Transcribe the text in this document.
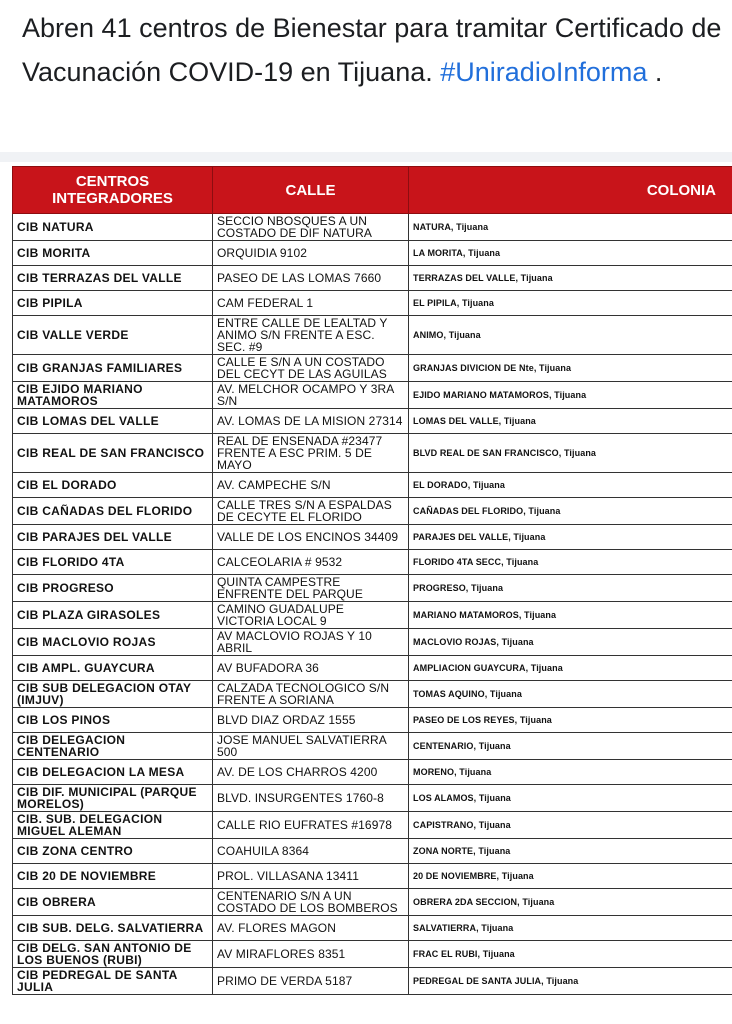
Abren 41 centros de Bienestar para tramitar Certificado de Vacunación COVID-19 en Tijuana. #UniradioInforma .
CENTROS INTEGRADORES	CALLE	COLONIA
CIB NATURA	SECCIO NBOSQUES A UN COSTADO DE DIF NATURA	NATURA, Tijuana
CIB MORITA	ORQUIDIA 9102	LA MORITA, Tijuana
CIB TERRAZAS DEL VALLE	PASEO DE LAS LOMAS 7660	TERRAZAS DEL VALLE, Tijuana
CIB PIPILA	CAM FEDERAL 1	EL PIPILA, Tijuana
CIB VALLE VERDE	ENTRE CALLE DE LEALTAD Y ANIMO S/N FRENTE A ESC. SEC. #9	ANIMO, Tijuana
CIB GRANJAS FAMILIARES	CALLE E S/N A UN COSTADO DEL CECYT DE LAS AGUILAS	GRANJAS DIVICION DE Nte, Tijuana
CIB EJIDO MARIANO MATAMOROS	AV. MELCHOR OCAMPO Y 3RA S/N	EJIDO MARIANO MATAMOROS, Tijuana
CIB LOMAS DEL VALLE	AV. LOMAS DE LA MISION 27314	LOMAS DEL VALLE, Tijuana
CIB REAL DE SAN FRANCISCO	REAL DE ENSENADA #23477 FRENTE A ESC PRIM. 5 DE MAYO	BLVD REAL DE SAN FRANCISCO, Tijuana
CIB EL DORADO	AV. CAMPECHE S/N	EL DORADO, Tijuana
CIB CAÑADAS DEL FLORIDO	CALLE TRES S/N A ESPALDAS DE CECYTE EL FLORIDO	CAÑADAS DEL FLORIDO, Tijuana
CIB PARAJES DEL VALLE	VALLE DE LOS ENCINOS 34409	PARAJES DEL VALLE, Tijuana
CIB FLORIDO 4TA	CALCEOLARIA # 9532	FLORIDO 4TA SECC, Tijuana
CIB PROGRESO	QUINTA CAMPESTRE ENFRENTE DEL PARQUE	PROGRESO, Tijuana
CIB PLAZA GIRASOLES	CAMINO GUADALUPE VICTORIA LOCAL 9	MARIANO MATAMOROS, Tijuana
CIB MACLOVIO ROJAS	AV MACLOVIO ROJAS Y 10 ABRIL	MACLOVIO ROJAS, Tijuana
CIB AMPL. GUAYCURA	AV BUFADORA 36	AMPLIACION GUAYCURA, Tijuana
CIB SUB DELEGACION OTAY (IMJUV)	CALZADA TECNOLOGICO S/N FRENTE A SORIANA	TOMAS AQUINO, Tijuana
CIB LOS PINOS	BLVD DIAZ ORDAZ 1555	PASEO DE LOS REYES, Tijuana
CIB DELEGACION CENTENARIO	JOSE MANUEL SALVATIERRA 500	CENTENARIO, Tijuana
CIB DELEGACION LA MESA	AV. DE LOS CHARROS 4200	MORENO, Tijuana
CIB DIF. MUNICIPAL (PARQUE MORELOS)	BLVD. INSURGENTES 1760-8	LOS ALAMOS, Tijuana
CIB. SUB. DELEGACION MIGUEL ALEMAN	CALLE RIO EUFRATES #16978	CAPISTRANO, Tijuana
CIB ZONA CENTRO	COAHUILA 8364	ZONA NORTE, Tijuana
CIB 20 DE NOVIEMBRE	PROL. VILLASANA 13411	20 DE NOVIEMBRE, Tijuana
CIB OBRERA	CENTENARIO S/N A UN COSTADO DE LOS BOMBEROS	OBRERA 2DA SECCION, Tijuana
CIB SUB. DELG. SALVATIERRA	AV. FLORES MAGON	SALVATIERRA, Tijuana
CIB DELG. SAN ANTONIO DE LOS BUENOS (RUBI)	AV MIRAFLORES 8351	FRAC EL RUBI, Tijuana
CIB PEDREGAL DE SANTA JULIA	PRIMO DE VERDA 5187	PEDREGAL DE SANTA JULIA, Tijuana
